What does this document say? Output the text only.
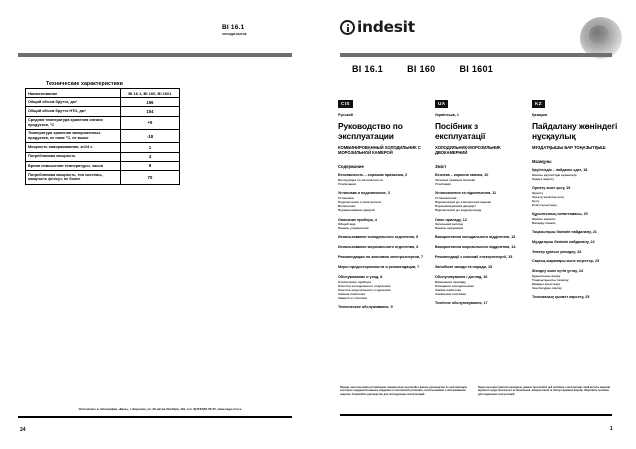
BI 16.1
холодильник
Технические характеристики
Наименование	BI 16.1, BI 160, BI 1601
Общий объем брутто, дм³	196
Общий объем брутто НТО, дм³	104
Средняя температура хранения свежих продуктов, °С	+5
Температура хранения замороженных продуктов, не ниже °С, не выше	-18
Мощность замораживания, кг/24 ч	1
Потребляемая мощность	4
Время повышения температуры, часов	8
Потребляемая мощность, тип системы, мощность ф/ч/сут, не более	70
Отпечатано в типографии «Вега», г. Воронеж, ул. 20-летия Октября, 119, тел. 8(4732)55-55-55, www.vega-vrn.ru
24
indesit
BI 16.1	BI 160	BI 1601
CIS
Русский
Руководство по эксплуатации
КОМБИНИРОВАННЫЙ ХОЛОДИЛЬНИК С МОРОЗИЛЬНОЙ КАМЕРОЙ
Содержание
Безопасность – хорошая привычка, 2
Инструкции по безопасности
Утилизация
Установка и подключение, 3
Установка
Подключение к электросети
Включение
Перевешивание дверей
Описание прибора, 4
Общий вид
Панель управления
Использование холодильного отделения, 5
Использование морозильного отделения, 6
Рекомендации по экономии электроэнергии, 7
Меры предосторожности и рекомендации, 7
Обслуживание и уход, 8
Отключение прибора
Очистка холодильного отделения
Очистка морозильного отделения
Замена лампочки
Защита от плесени
Техническое обслуживание, 9
UA
Українська, 1
Посібник з експлуатації
ХОЛОДИЛЬНИК-МОРОЗИЛЬНИК ДВОКАМЕРНИЙ
Зміст
Безпека – корисна звичка, 10
Загальні правила безпеки
Утилізація
Установлення та підключення, 11
Установлення
Підключення до електричної мережі
Перенавішування дверцят
Підключення до водопроводу
Опис приладу, 12
Загальний вигляд
Панель керування
Використання холодильного відділення, 13
Використання морозильного відділення, 14
Рекомендації з економії електроенергії, 15
Запобіжні заходи та поради, 15
Обслуговування і догляд, 16
Вимкнення приладу
Очищення холодильника
Заміна лампочки
Уникнення плісняви
Технічне обслуговування, 17
KZ
Қазақша
Пайдалану жөніндегі нұсқаулық
МҰЗДАТҚЫШЫ БАР ТОҢАЗЫТҚЫШ
Мазмұны
Қауіпсіздік – пайдалы әдет, 18
Жалпы қауіпсіздік ережелері
Кәдеге жарату
Орнату және қосу, 19
Орнату
Электр желісіне қосу
Қосу
Есікті ауыстыру
Құрылғының сипаттамасы, 20
Жалпы көрінісі
Басқару панелі
Тоңазытқыш бөлімін пайдалану, 21
Мұздатқыш бөлімін пайдалану, 22
Электр қуатын үнемдеу, 23
Сақтық шаралары және кеңестер, 23
Жөндеу және күтіп ұстау, 24
Құрылғыны өшіру
Тоңазытқышты тазалау
Шамды ауыстыру
Зең басудан сақтау
Техникалық қызмет көрсету, 25
Прежде чем пользоваться прибором, внимательно прочитайте данное руководство по эксплуатации, в котором содержатся важные сведения по безопасной установке, использованию и обслуживанию изделия. Сохраняйте руководство для последующих консультаций.
Перш ніж користуватися приладом, уважно прочитайте цей посібник з експлуатації, який містить важливі відомості щодо безпечного встановлення, використання та обслуговування виробу. Зберігайте посібник для подальших консультацій.
1
